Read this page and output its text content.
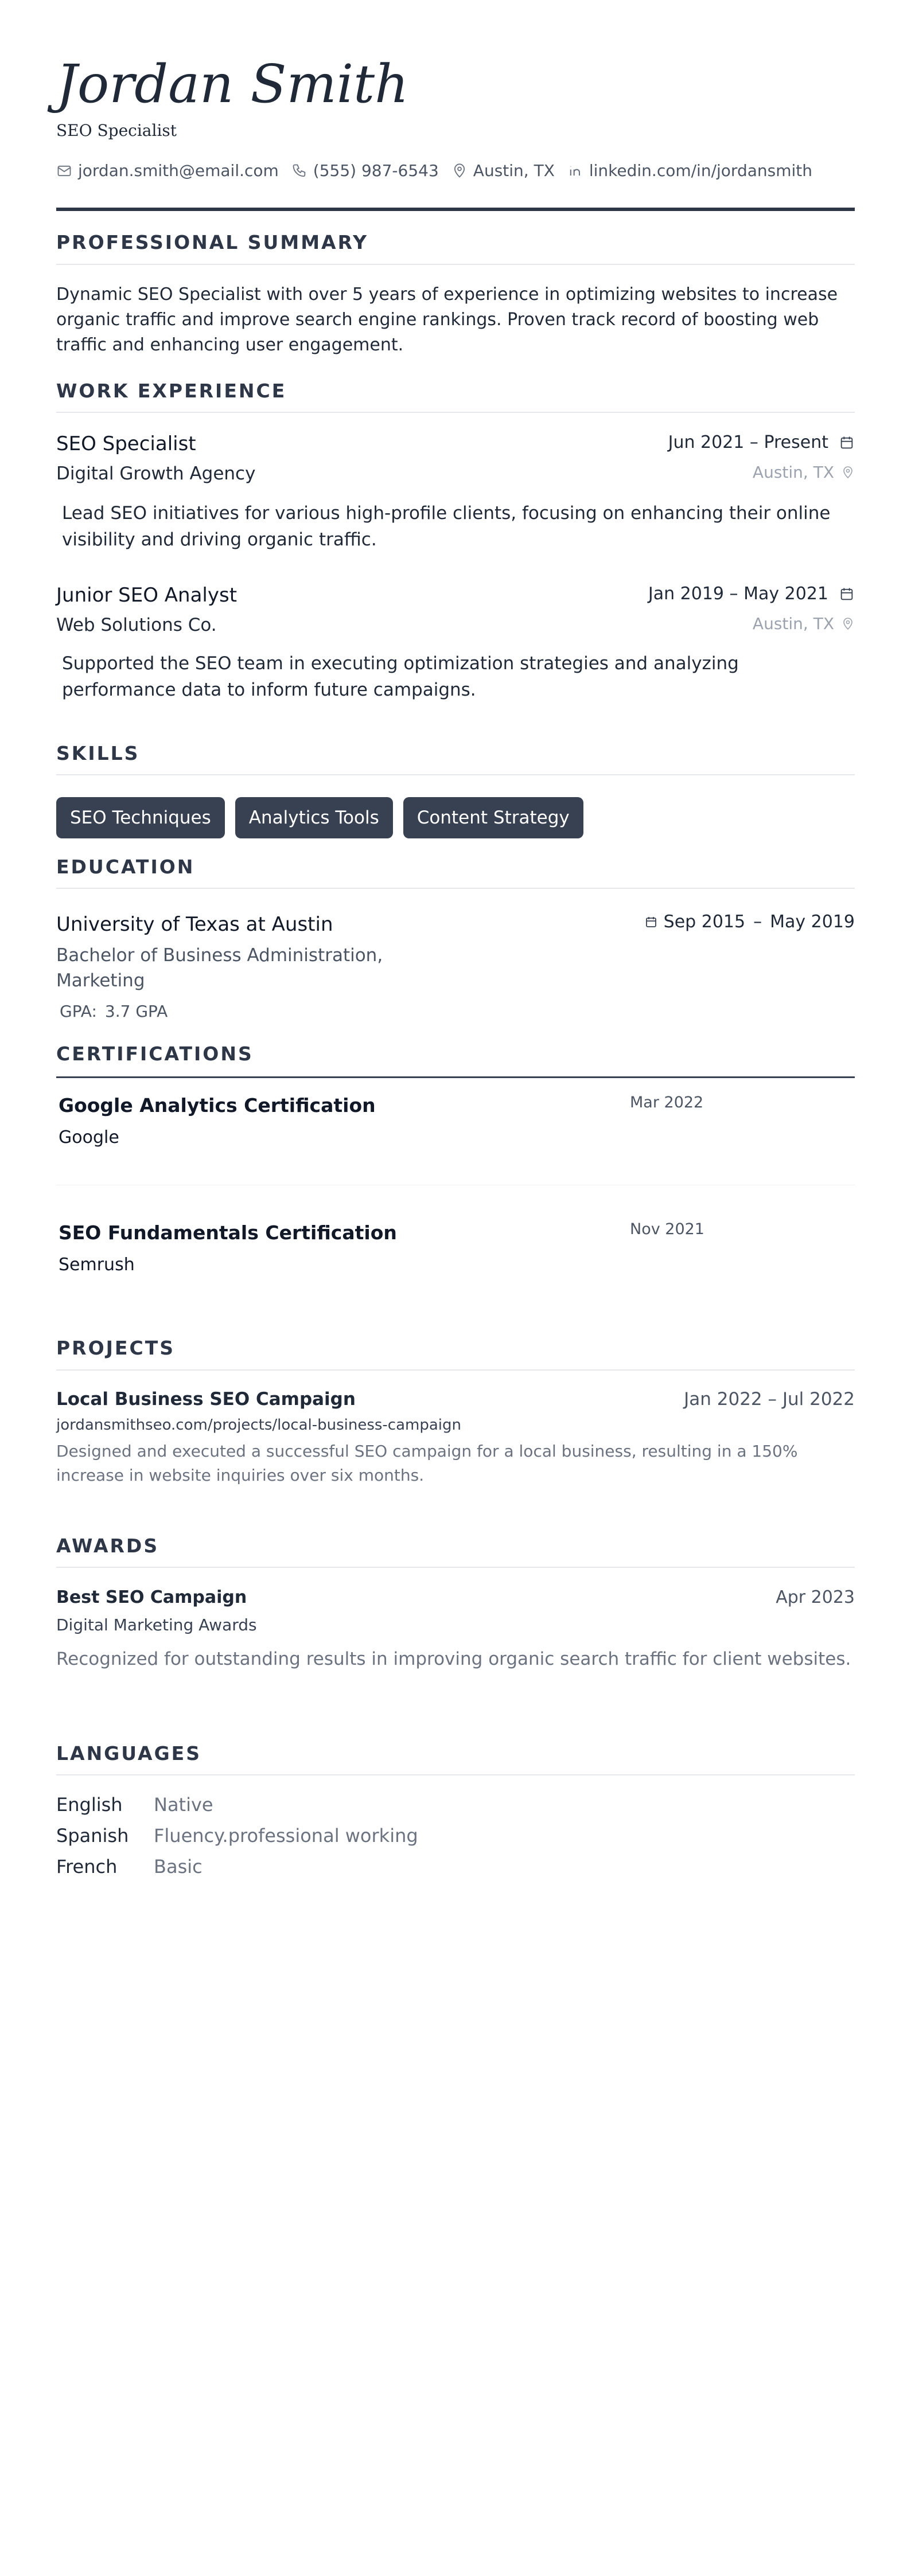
Jordan Smith
SEO Specialist
jordan.smith@email.com (555) 987-6543 Austin, TX linkedin.com/in/jordansmith
PROFESSIONAL SUMMARY
Dynamic SEO Specialist with over 5 years of experience in optimizing websites to increase organic traffic and improve search engine rankings. Proven track record of boosting web traffic and enhancing user engagement.
WORK EXPERIENCE
SEO Specialist
Digital Growth Agency
Jun 2021 – Present
Austin, TX
Lead SEO initiatives for various high-profile clients, focusing on enhancing their online visibility and driving organic traffic.
Junior SEO Analyst
Web Solutions Co.
Jan 2019 – May 2021
Austin, TX
Supported the SEO team in executing optimization strategies and analyzing performance data to inform future campaigns.
SKILLS
SEO Techniques	Analytics Tools	Content Strategy
EDUCATION
University of Texas at Austin
Bachelor of Business Administration, Marketing
GPA: 3.7 GPA
Sep 2015 – May 2019
CERTIFICATIONS
Google Analytics Certification
Google
Mar 2022
SEO Fundamentals Certification
Semrush
Nov 2021
PROJECTS
Local Business SEO Campaign
jordansmithseo.com/projects/local-business-campaign
Jan 2022 – Jul 2022
Designed and executed a successful SEO campaign for a local business, resulting in a 150% increase in website inquiries over six months.
AWARDS
Best SEO Campaign
Digital Marketing Awards
Apr 2023
Recognized for outstanding results in improving organic search traffic for client websites.
LANGUAGES
English	Native
Spanish	Fluency.professional working
French	Basic
